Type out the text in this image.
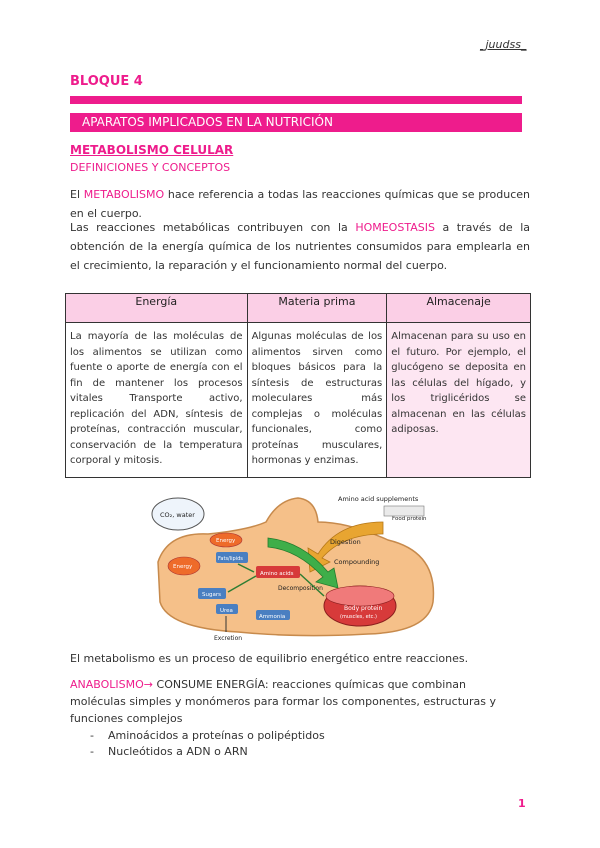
_juudss_
BLOQUE 4
APARATOS IMPLICADOS EN LA NUTRICIÓN
METABOLISMO CELULAR
DEFINICIONES Y CONCEPTOS
El METABOLISMO hace referencia a todas las reacciones químicas que se producen en el cuerpo.
Las reacciones metabólicas contribuyen con la HOMEOSTASIS a través de la obtención de la energía química de los nutrientes consumidos para emplearla en el crecimiento, la reparación y el funcionamiento normal del cuerpo.
Energía	Materia prima	Almacenaje
La mayoría de las moléculas de los alimentos se utilizan como fuente o aporte de energía con el fin de mantener los procesos vitales Transporte activo, replicación del ADN, síntesis de proteínas, contracción muscular, conservación de la temperatura corporal y mitosis.	Algunas moléculas de los alimentos sirven como bloques básicos para la síntesis de estructuras moleculares más complejas o moléculas funcionales, como proteínas musculares, hormonas y enzimas.	Almacenan para su uso en el futuro. Por ejemplo, el glucógeno se deposita en las células del hígado, y los triglicéridos se almacenan en las células adiposas.
CO₂, water
Amino acid supplements
Food protein
Digestion
Compounding
Energy
Energy
Fats/lipids
Amino acids
Decomposition
Sugars
Urea
Ammonia
Body protein
(muscles, etc.)
Excretion
El metabolismo es un proceso de equilibrio energético entre reacciones.
ANABOLISMO→ CONSUME ENERGÍA: reacciones químicas que combinan moléculas simples y monómeros para formar los componentes, estructuras y funciones complejos
- Aminoácidos a proteínas o polipéptidos
- Nucleótidos a ADN o ARN
1
